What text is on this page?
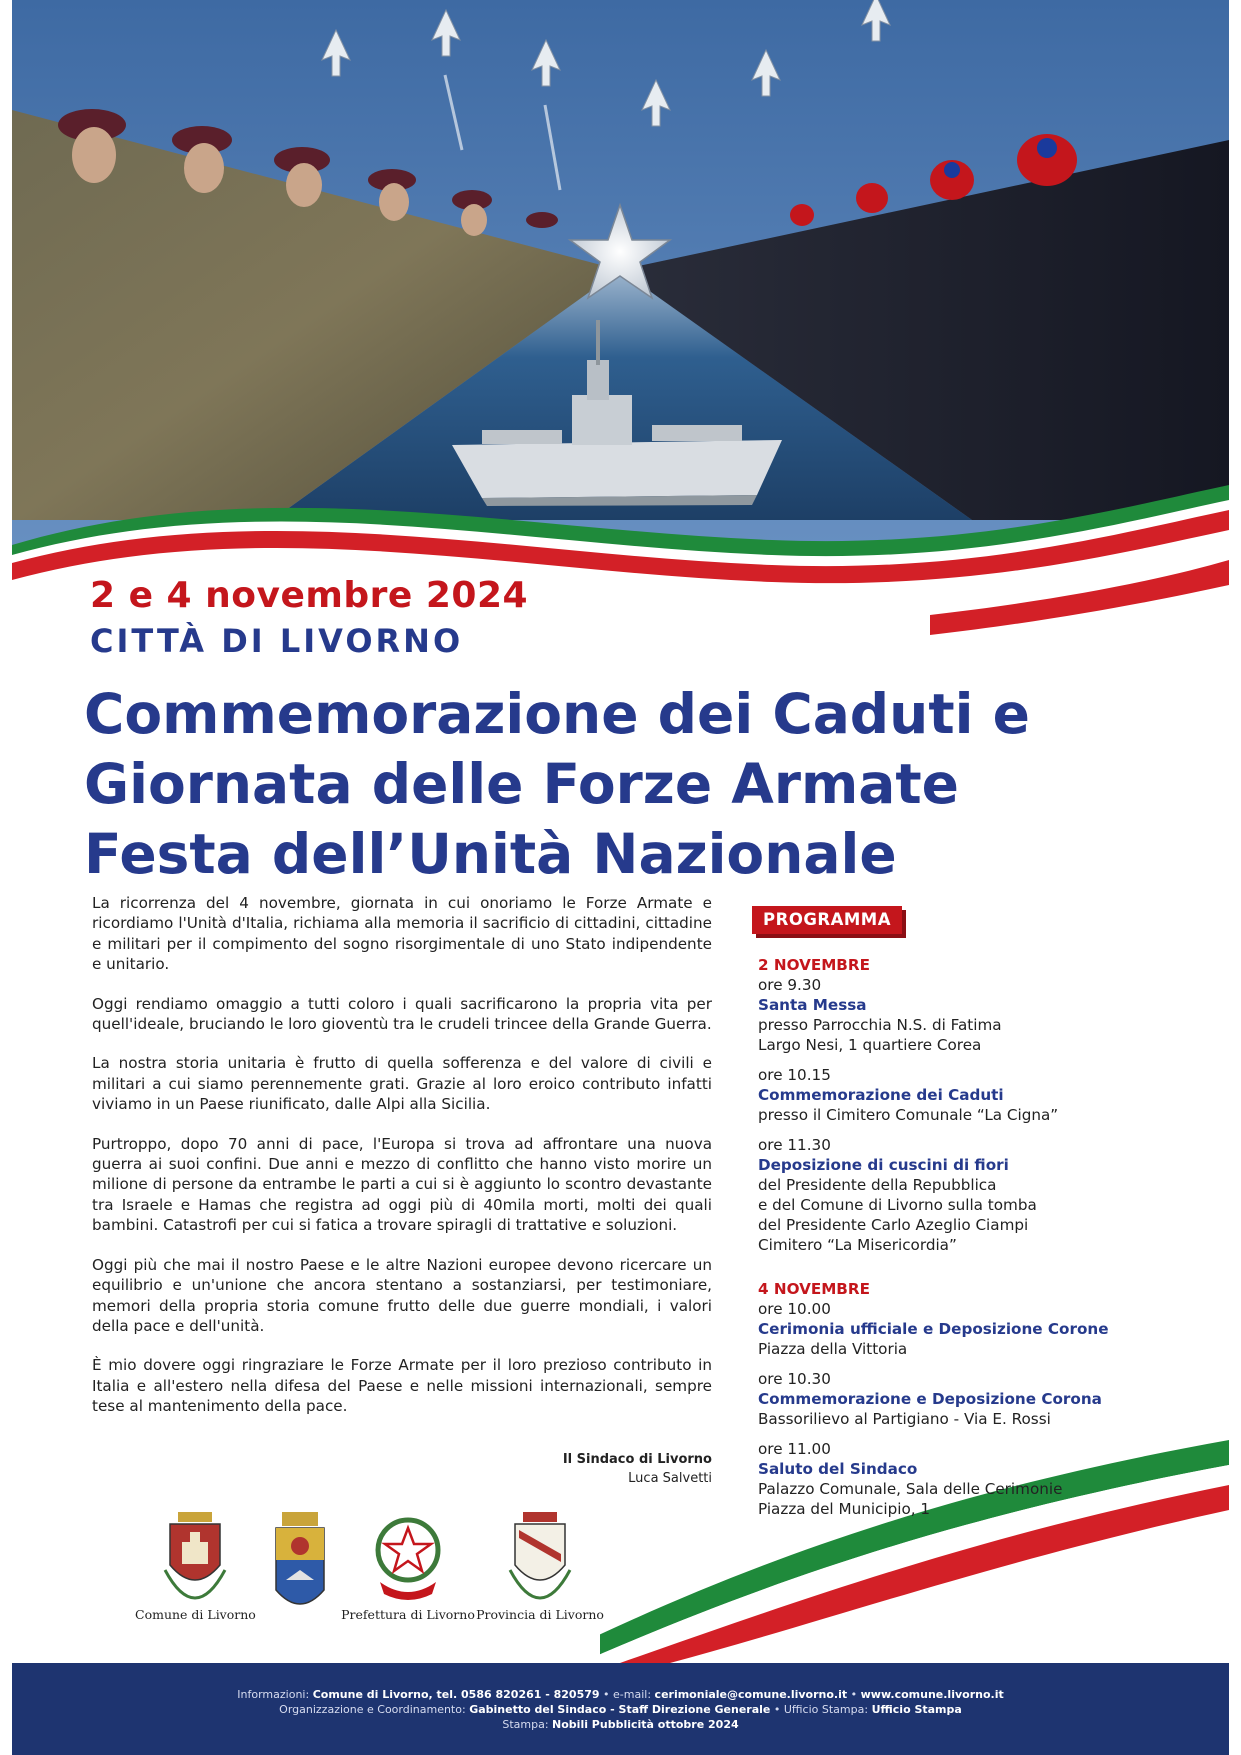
2 e 4 novembre 2024
CITTÀ DI LIVORNO
Commemorazione dei Caduti e
Giornata delle Forze Armate
Festa dell’Unità Nazionale

La ricorrenza del 4 novembre, giornata in cui onoriamo le Forze Armate e ricordiamo l'Unità d'Italia, richiama alla memoria il sacrificio di cittadini, cittadine e militari per il compimento del sogno risorgimentale di uno Stato indipendente e unitario.

Oggi rendiamo omaggio a tutti coloro i quali sacrificarono la propria vita per quell'ideale, bruciando le loro gioventù tra le crudeli trincee della Grande Guerra.

La nostra storia unitaria è frutto di quella sofferenza e del valore di civili e militari a cui siamo perennemente grati. Grazie al loro eroico contributo infatti viviamo in un Paese riunificato, dalle Alpi alla Sicilia.

Purtroppo, dopo 70 anni di pace, l'Europa si trova ad affrontare una nuova guerra ai suoi confini. Due anni e mezzo di conflitto che hanno visto morire un milione di persone da entrambe le parti a cui si è aggiunto lo scontro devastante tra Israele e Hamas che registra ad oggi più di 40mila morti, molti dei quali bambini. Catastrofi per cui si fatica a trovare spiragli di trattative e soluzioni.

Oggi più che mai il nostro Paese e le altre Nazioni europee devono ricercare un equilibrio e un'unione che ancora stentano a sostanziarsi, per testimoniare, memori della propria storia comune frutto delle due guerre mondiali, i valori della pace e dell'unità.

È mio dovere oggi ringraziare le Forze Armate per il loro prezioso contributo in Italia e all'estero nella difesa del Paese e nelle missioni internazionali, sempre tese al mantenimento della pace.

Il Sindaco di Livorno
Luca Salvetti
PROGRAMMA
2 NOVEMBRE
ore 9.30
Santa Messa
presso Parrocchia N.S. di Fatima
Largo Nesi, 1 quartiere Corea
ore 10.15
Commemorazione dei Caduti
presso il Cimitero Comunale “La Cigna”
ore 11.30
Deposizione di cuscini di fiori
del Presidente della Repubblica
e del Comune di Livorno sulla tomba
del Presidente Carlo Azeglio Ciampi
Cimitero “La Misericordia”
4 NOVEMBRE
ore 10.00
Cerimonia ufficiale e Deposizione Corone
Piazza della Vittoria
ore 10.30
Commemorazione e Deposizione Corona
Bassorilievo al Partigiano - Via E. Rossi
ore 11.00
Saluto del Sindaco
Palazzo Comunale, Sala delle Cerimonie
Piazza del Municipio, 1
Comune di Livorno	Prefettura di Livorno Provincia di Livorno
Informazioni: Comune di Livorno, tel. 0586 820261 - 820579 • e-mail: cerimoniale@comune.livorno.it • www.comune.livorno.it
Organizzazione e Coordinamento: Gabinetto del Sindaco - Staff Direzione Generale • Ufficio Stampa: Ufficio Stampa
Stampa: Nobili Pubblicità ottobre 2024
